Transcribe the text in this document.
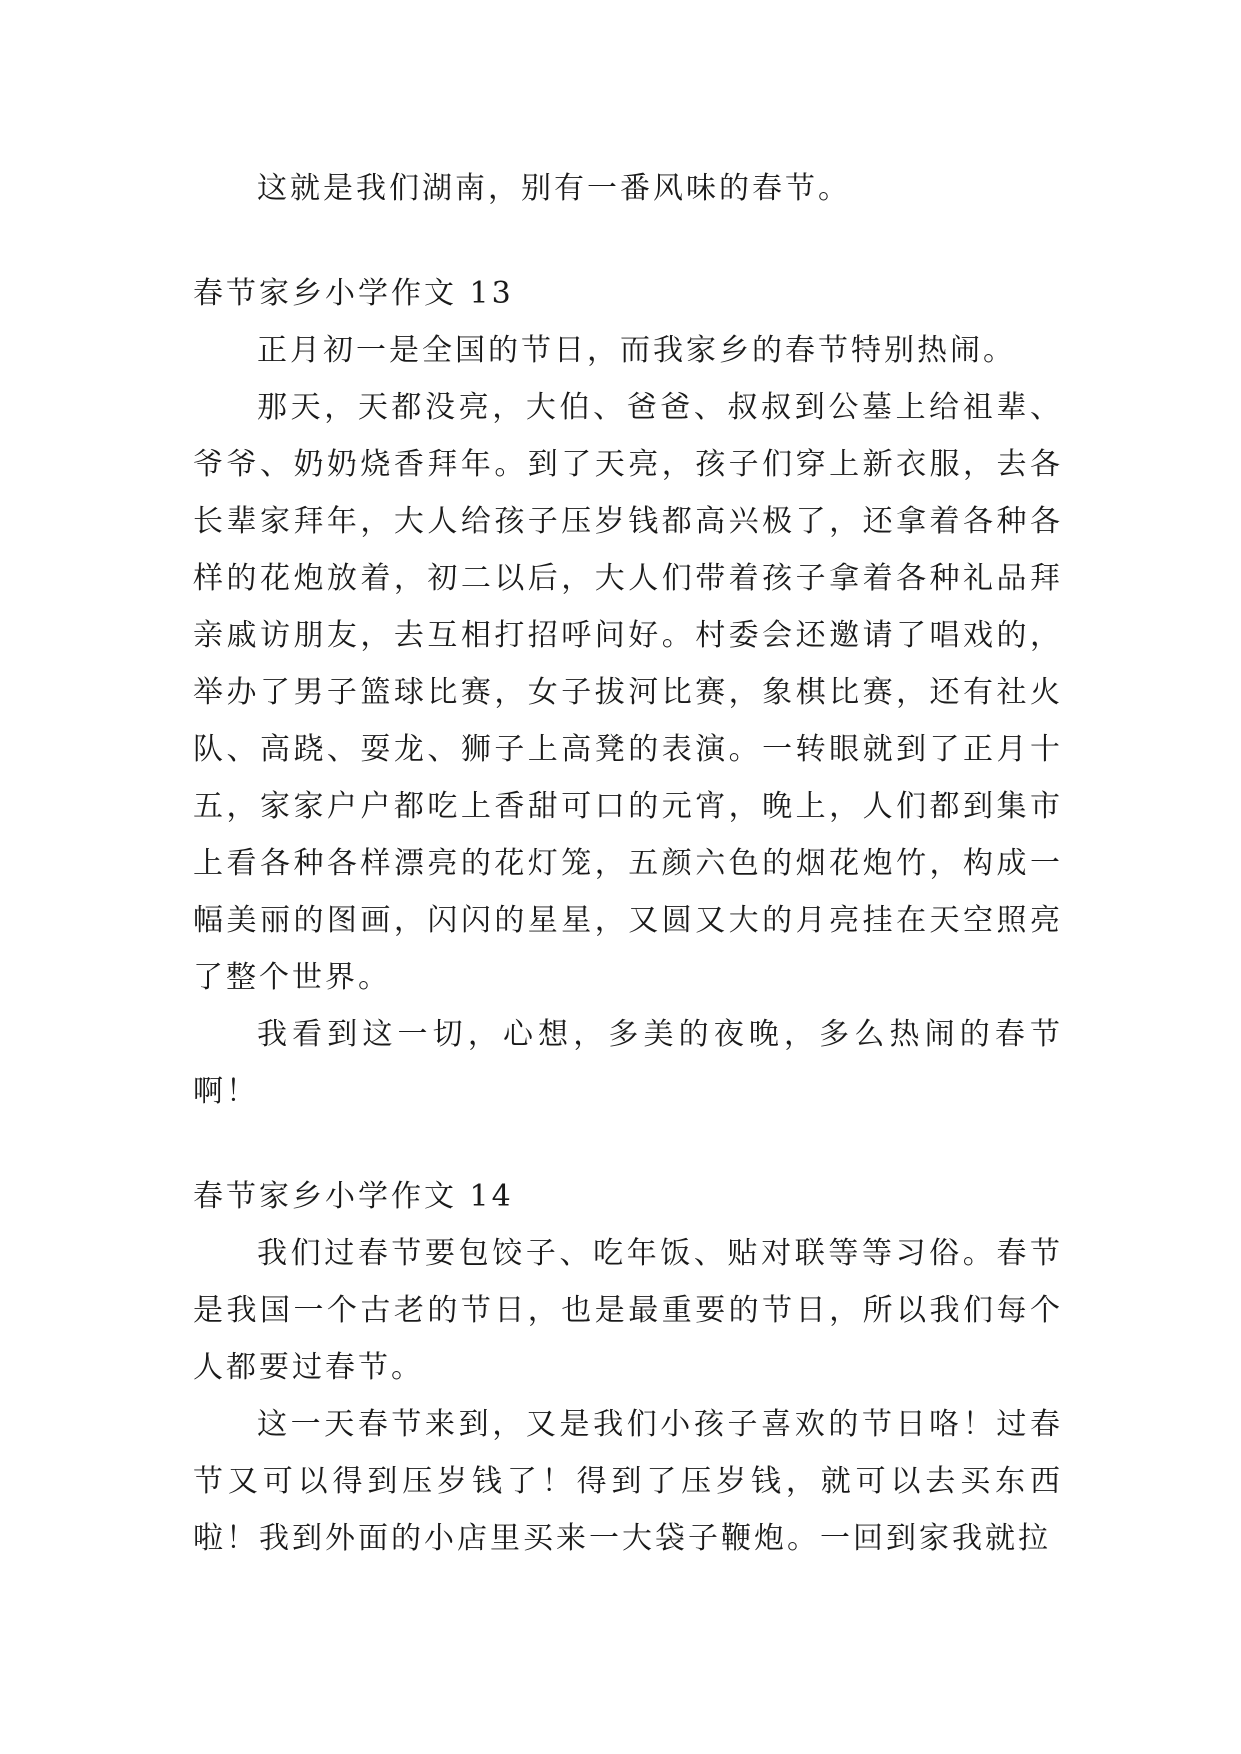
这就是我们湖南，别有一番风味的春节。

春节家乡小学作文 13

正月初一是全国的节日，而我家乡的春节特别热闹。

那天，天都没亮，大伯、爸爸、叔叔到公墓上给祖辈、爷爷、奶奶烧香拜年。到了天亮，孩子们穿上新衣服，去各长辈家拜年，大人给孩子压岁钱都高兴极了，还拿着各种各样的花炮放着，初二以后，大人们带着孩子拿着各种礼品拜亲戚访朋友，去互相打招呼问好。村委会还邀请了唱戏的，举办了男子篮球比赛，女子拔河比赛，象棋比赛，还有社火队、高跷、耍龙、狮子上高凳的表演。一转眼就到了正月十五，家家户户都吃上香甜可口的元宵，晚上，人们都到集市上看各种各样漂亮的花灯笼，五颜六色的烟花炮竹，构成一幅美丽的图画，闪闪的星星，又圆又大的月亮挂在天空照亮了整个世界。

我看到这一切，心想，多美的夜晚，多么热闹的春节啊！

春节家乡小学作文 14

我们过春节要包饺子、吃年饭、贴对联等等习俗。春节是我国一个古老的节日，也是最重要的节日，所以我们每个人都要过春节。

这一天春节来到，又是我们小孩子喜欢的节日咯！过春节又可以得到压岁钱了！得到了压岁钱，就可以去买东西啦！我到外面的小店里买来一大袋子鞭炮。一回到家我就拉
